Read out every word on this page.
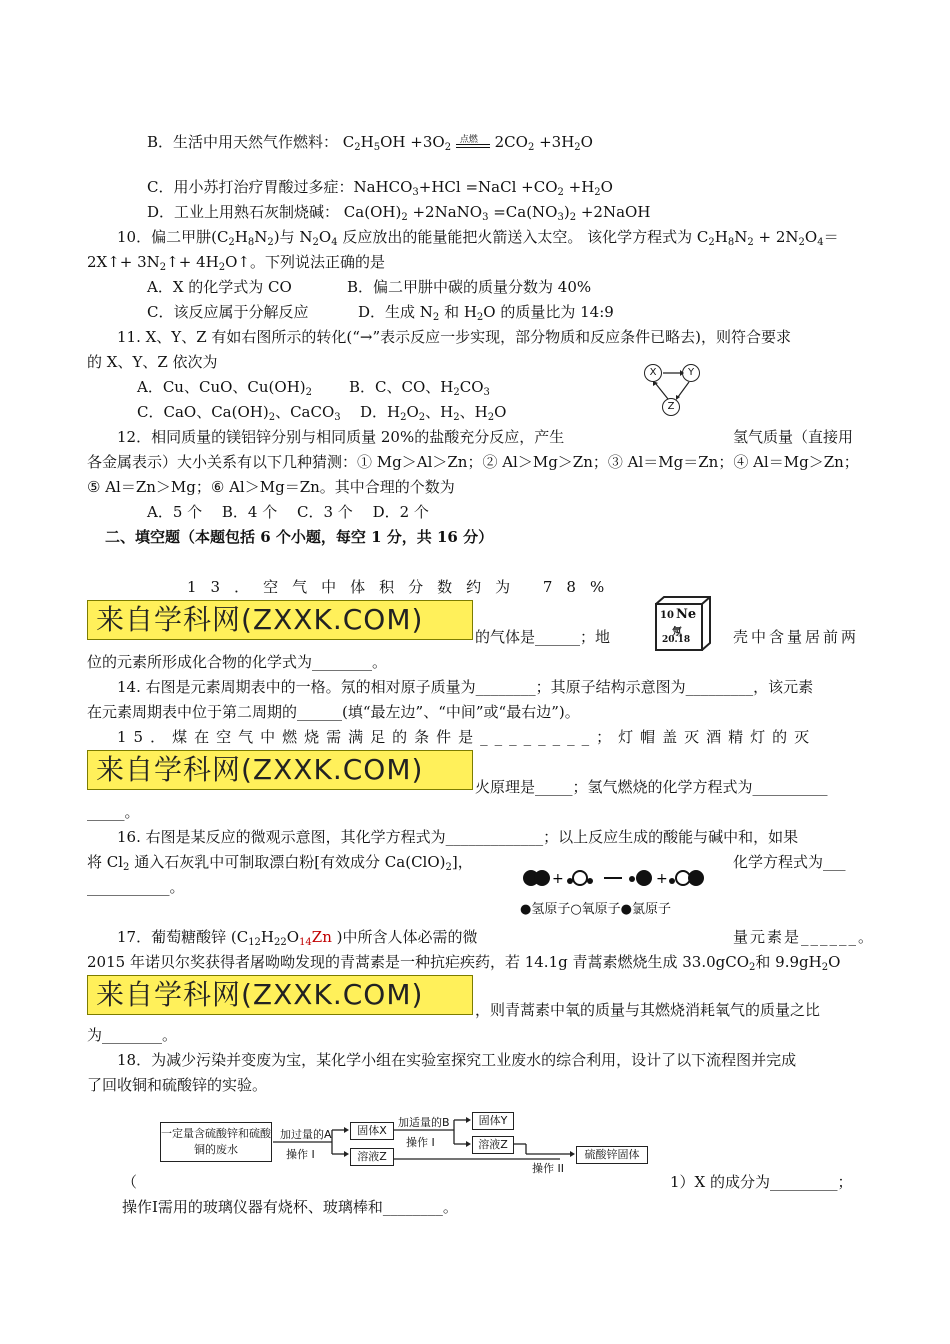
B．生活中用天然气作燃料： $C_2H_5OH +3O_2$
点燃 $2CO_2 +3H_2O$
C．用小苏打治疗胃酸过多症：NaHCO$_3$+HCl =NaCl $+CO_2 +H_2O$
D．工业上用熟石灰制烧碱： $Ca(OH)_2$ +2NaNO$_3$ $=Ca(NO_3)_2$ +2NaOH
10．偏二甲肼$(C_2H_8N_2)$与 $N_2O_4$ 反应放出的能量能把火箭送入太空。 该化学方程式为 $C_2H_8N_2 + 2N_2O_4=$
2X↑+ $3N_2↑+$ $4H_2O↑$。下列说法正确的是
A．X 的化学式为 CO	B．偏二甲肼中碳的质量分数为 40%
C．该反应属于分解反应	D．生成 $N_2$ 和 $H_2O$ 的质量比为 14:9
11. X、Y、Z 有如右图所示的转化(“→”表示反应一步实现，部分物质和反应条件已略去)，则符合要求
的 X、Y、Z 依次为
A．Cu、CuO、$Cu(OH)_2$ B．C、CO、$H_2CO_3$
C．CaO、$Ca(OH)_2$、CaCO$_3$ D．$H_2O_2$、$H_2$、$H_2O$
X	Y
Z
12．相同质量的镁铝锌分别与相同质量 20%的盐酸充分反应，产生	氢气质量（直接用
各金属表示）大小关系有以下几种猜测：① Mg＞Al＞Zn；② Al＞Mg＞Zn；③ Al＝Mg＝Zn；④ Al＝Mg＞Zn；
⑤ Al＝Zn＞Mg；⑥ Al＞Mg＝Zn。其中合理的个数为
A．5 个　 B．4 个　 C．3 个　 D．2 个
二、填空题（本题包括 6 个小题，每空 1 分，共 16 分）
13．空气中体积分数约为 78%
来自学科网(ZXXK.COM)
的气体是______；地	壳中含量居前两
位的元素所形成化合物的化学式为________。
10 Ne
氖
20.18
14. 右图是元素周期表中的一格。氖的相对原子质量为________；其原子结构示意图为_________，该元素
在元素周期表中位于第二周期的______(填“最左边”、“中间”或“最右边”)。
15．煤在空气中燃烧需满足的条件是________；灯帽盖灭酒精灯的灭
来自学科网(ZXXK.COM)
火原理是_____；氢气燃烧的化学方程式为__________
_____。
16. 右图是某反应的微观示意图，其化学方程式为_____________；以上反应生成的酸能与碱中和，如果
将 $Cl_2$ 通入石灰乳中可制取漂白粉[有效成分 $Ca(ClO)_2$]，	化学方程式为___
___________。	+	+
●氢原子○氧原子●氯原子
17．葡萄糖酸锌 ($C_{12}H_{22}O_{14}Zn$ )中所含人体必需的微	量元素是______。
2015 年诺贝尔奖获得者屠呦呦发现的青蒿素是一种抗疟疾药，若 14.1g 青蒿素燃烧生成 33.0gCO$_2$和 $9.9gH_2O$
来自学科网(ZXXK.COM)	，则青蒿素中氧的质量与其燃烧消耗氧气的质量之比
为________。
18．为减少污染并变废为宝，某化学小组在实验室探究工业废水的综合利用，设计了以下流程图并完成
了回收铜和硫酸锌的实验。
一定量含硫酸锌和硫酸铜的废水
加过量的A
操作 I
固体X
溶液Z
加适量的B
操作 I
固体Y
溶液Z
操作 II
硫酸锌固体
（	1）X 的成分为_________；
操作Ⅰ需用的玻璃仪器有烧杯、玻璃棒和________。
